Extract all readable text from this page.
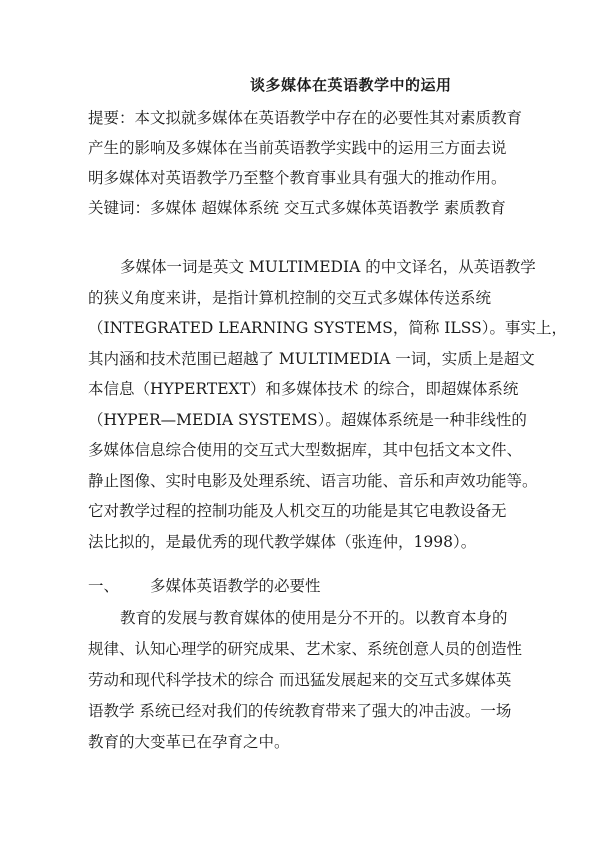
谈多媒体在英语教学中的运用
提要：本文拟就多媒体在英语教学中存在的必要性其对素质教育
产生的影响及多媒体在当前英语教学实践中的运用三方面去说
明多媒体对英语教学乃至整个教育事业具有强大的推动作用。
关键词：多媒体 超媒体系统 交互式多媒体英语教学 素质教育
多媒体一词是英文 MULTIMEDIA 的中文译名，从英语教学
的狭义角度来讲，是指计算机控制的交互式多媒体传送系统
（INTEGRATED LEARNING SYSTEMS，简称 ILSS）。事实上，
其内涵和技术范围已超越了 MULTIMEDIA 一词，实质上是超文
本信息（HYPERTEXT）和多媒体技术 的综合，即超媒体系统
（HYPER—MEDIA SYSTEMS）。超媒体系统是一种非线性的
多媒体信息综合使用的交互式大型数据库，其中包括文本文件、
静止图像、实时电影及处理系统、语言功能、音乐和声效功能等。
它对教学过程的控制功能及人机交互的功能是其它电教设备无
法比拟的，是最优秀的现代教学媒体（张连仲，1998）。
一、 多媒体英语教学的必要性
教育的发展与教育媒体的使用是分不开的。以教育本身的
规律、认知心理学的研究成果、艺术家、系统创意人员的创造性
劳动和现代科学技术的综合 而迅猛发展起来的交互式多媒体英
语教学 系统已经对我们的传统教育带来了强大的冲击波。一场
教育的大变革已在孕育之中。
